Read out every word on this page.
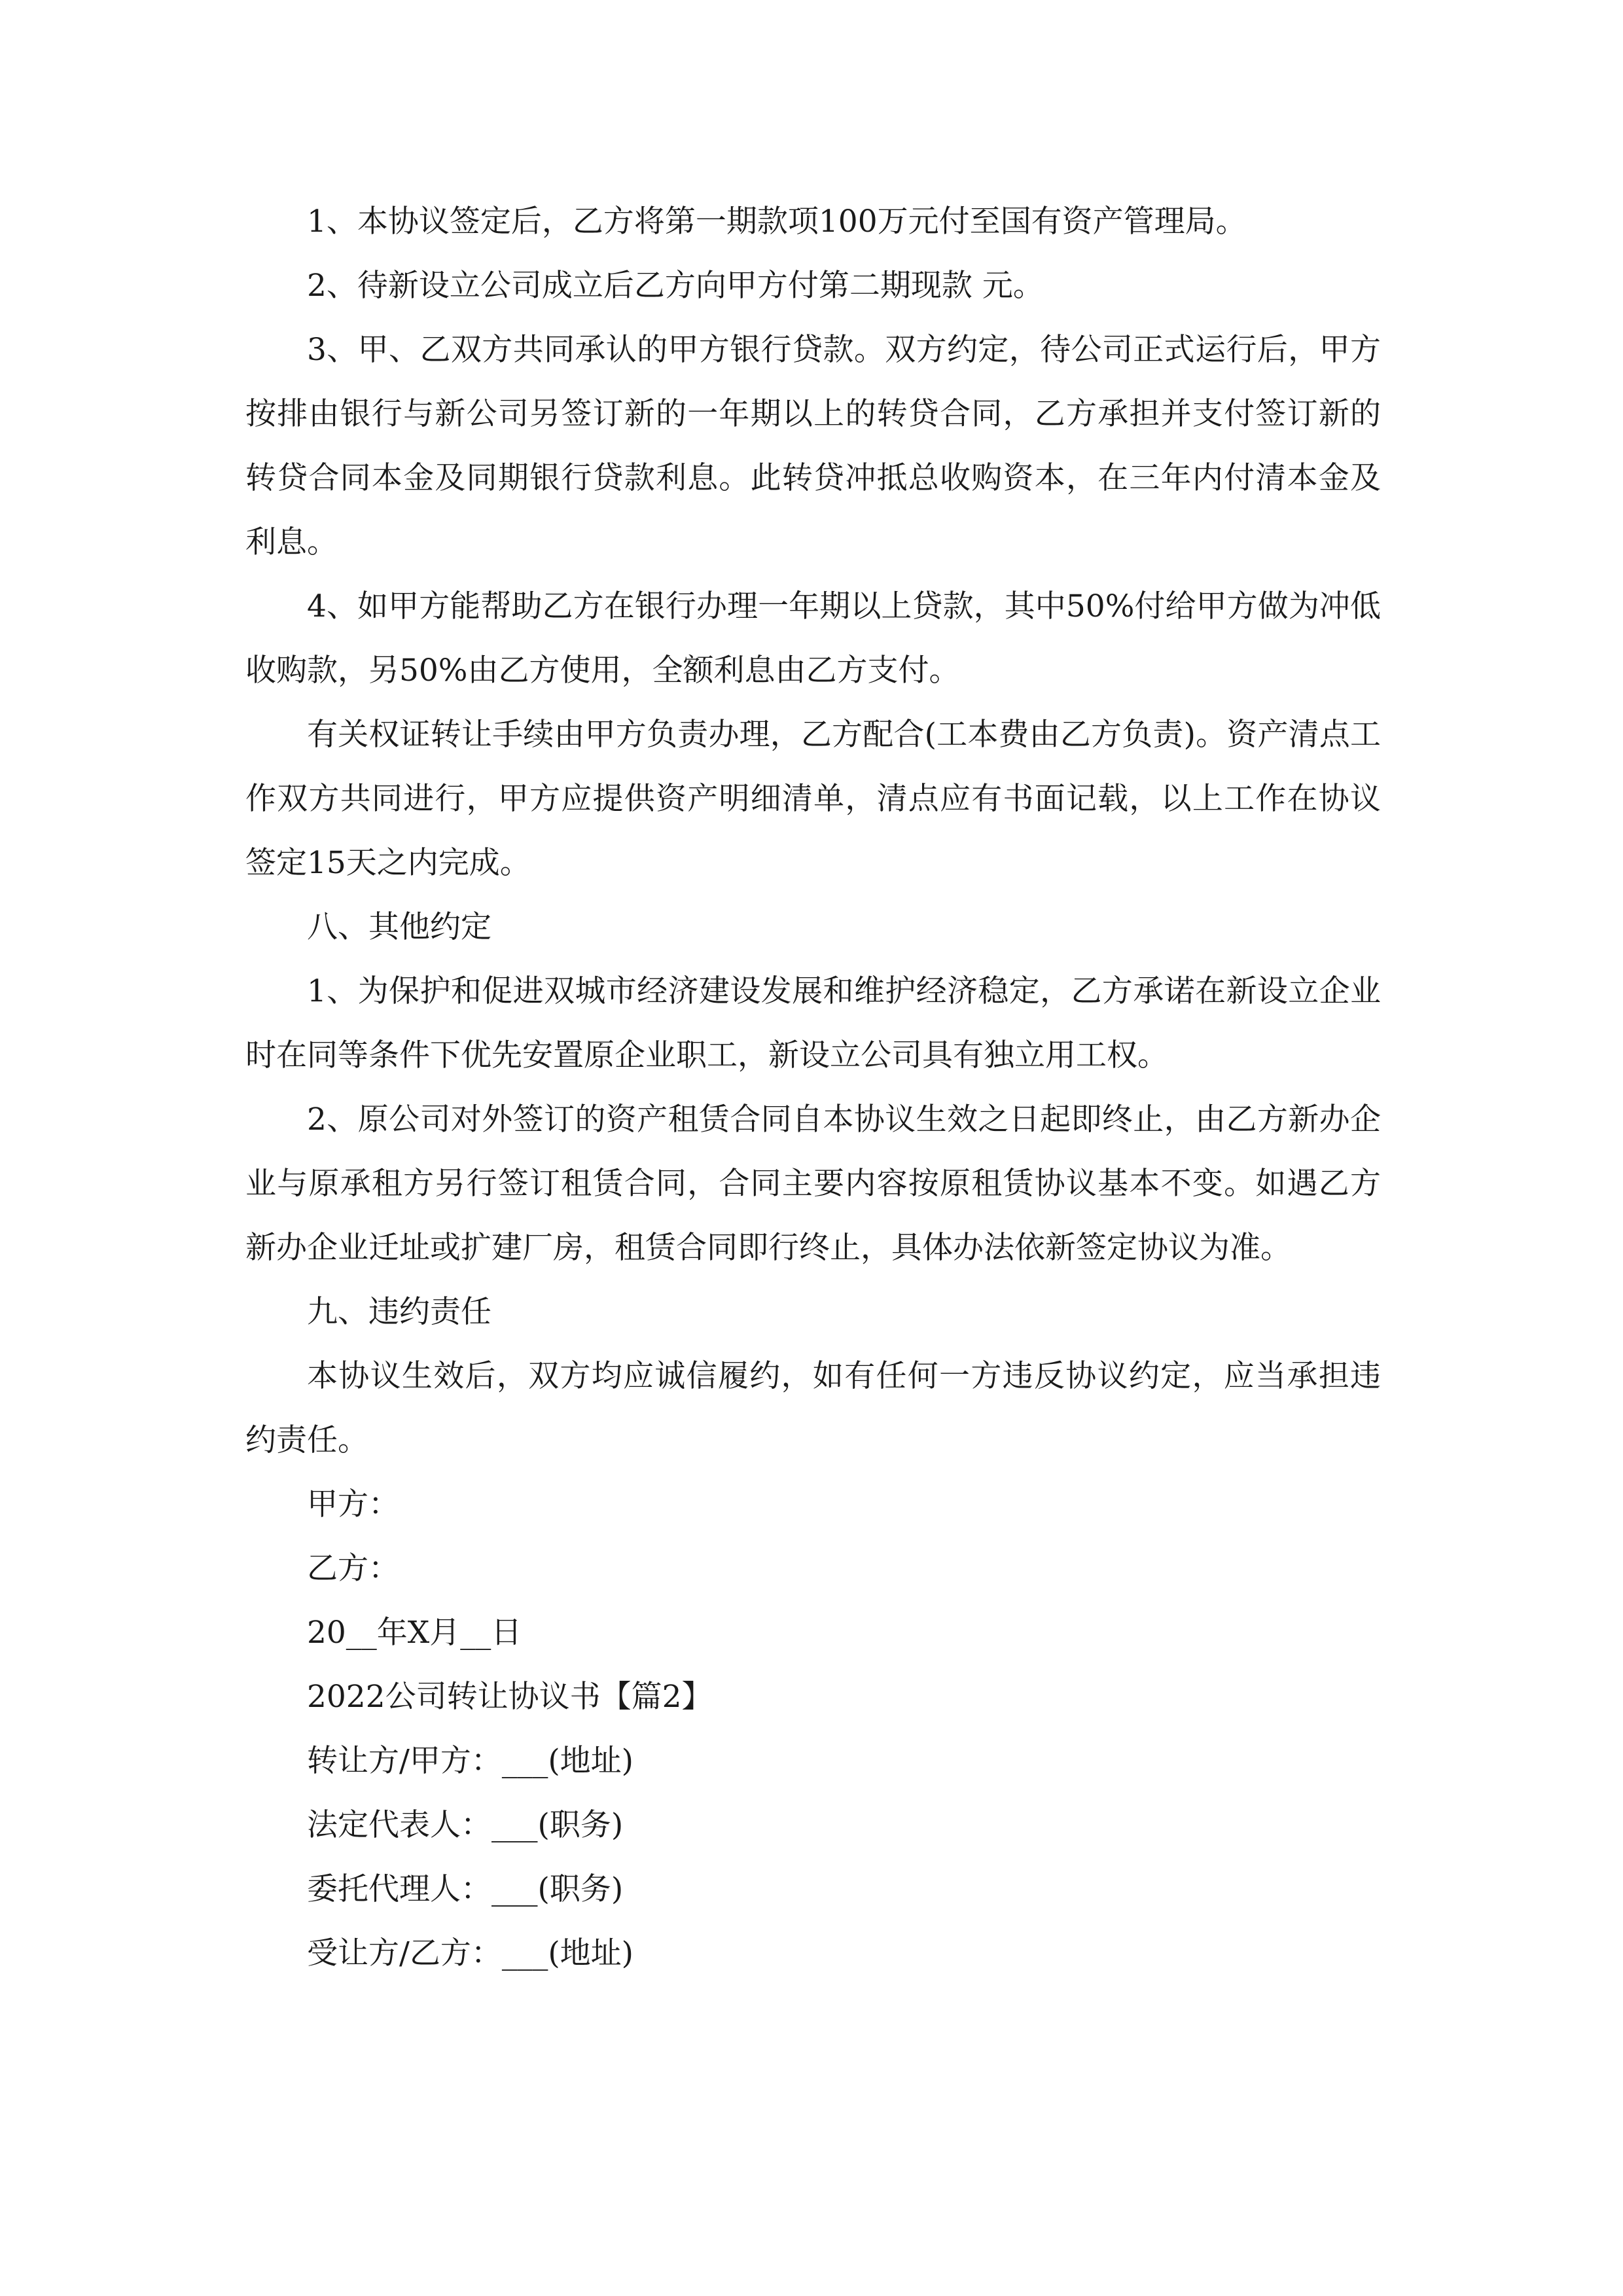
1、本协议签定后，乙方将第一期款项100万元付至国有资产管理局。

2、待新设立公司成立后乙方向甲方付第二期现款 元。

3、甲、乙双方共同承认的甲方银行贷款。双方约定，待公司正式运行后，甲方按排由银行与新公司另签订新的一年期以上的转贷合同，乙方承担并支付签订新的转贷合同本金及同期银行贷款利息。此转贷冲抵总收购资本，在三年内付清本金及利息。

4、如甲方能帮助乙方在银行办理一年期以上贷款，其中50%付给甲方做为冲低收购款，另50%由乙方使用，全额利息由乙方支付。

有关权证转让手续由甲方负责办理，乙方配合(工本费由乙方负责)。资产清点工作双方共同进行，甲方应提供资产明细清单，清点应有书面记载，以上工作在协议签定15天之内完成。

八、其他约定

1、为保护和促进双城市经济建设发展和维护经济稳定，乙方承诺在新设立企业时在同等条件下优先安置原企业职工，新设立公司具有独立用工权。

2、原公司对外签订的资产租赁合同自本协议生效之日起即终止，由乙方新办企业与原承租方另行签订租赁合同，合同主要内容按原租赁协议基本不变。如遇乙方新办企业迁址或扩建厂房，租赁合同即行终止，具体办法依新签定协议为准。

九、违约责任

本协议生效后，双方均应诚信履约，如有任何一方违反协议约定，应当承担违约责任。

甲方：

乙方：

20__年X月__日

2022公司转让协议书【篇2】

转让方/甲方：___(地址)

法定代表人：___(职务)

委托代理人：___(职务)

受让方/乙方：___(地址)
